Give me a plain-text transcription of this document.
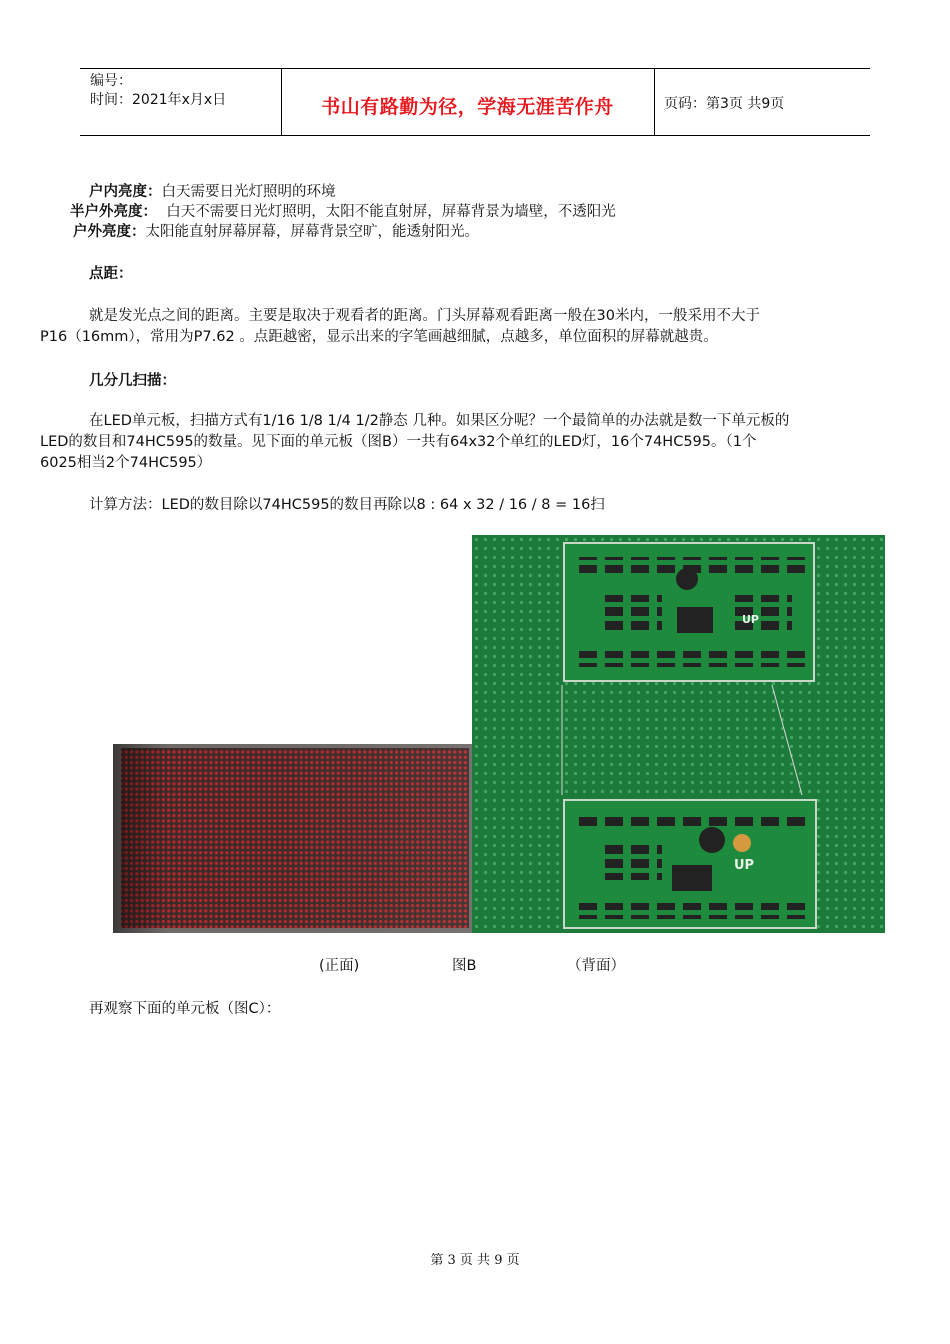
编号：
时间：2021年x月x日	书山有路勤为径，学海无涯苦作舟	页码：第3页 共9页
户内亮度：白天需要日光灯照明的环境
半户外亮度： 白天不需要日光灯照明，太阳不能直射屏，屏幕背景为墙壁，不透阳光
户外亮度：太阳能直射屏幕屏幕，屏幕背景空旷，能透射阳光。
点距：
就是发光点之间的距离。主要是取决于观看者的距离。门头屏幕观看距离一般在30米内，一般采用不大于
P16（16mm），常用为P7.62 。点距越密，显示出来的字笔画越细腻，点越多，单位面积的屏幕就越贵。
几分几扫描：
在LED单元板，扫描方式有1/16 1/8 1/4 1/2静态 几种。如果区分呢？一个最简单的办法就是数一下单元板的
LED的数目和74HC595的数量。见下面的单元板（图B）一共有64x32个单红的LED灯，16个74HC595。（1个
6025相当2个74HC595）
计算方法：LED的数目除以74HC595的数目再除以8 : 64 x 32 / 16 / 8 = 16扫
UP
UP
(正面)	图B	（背面）
再观察下面的单元板（图C）：
第 3 页 共 9 页
